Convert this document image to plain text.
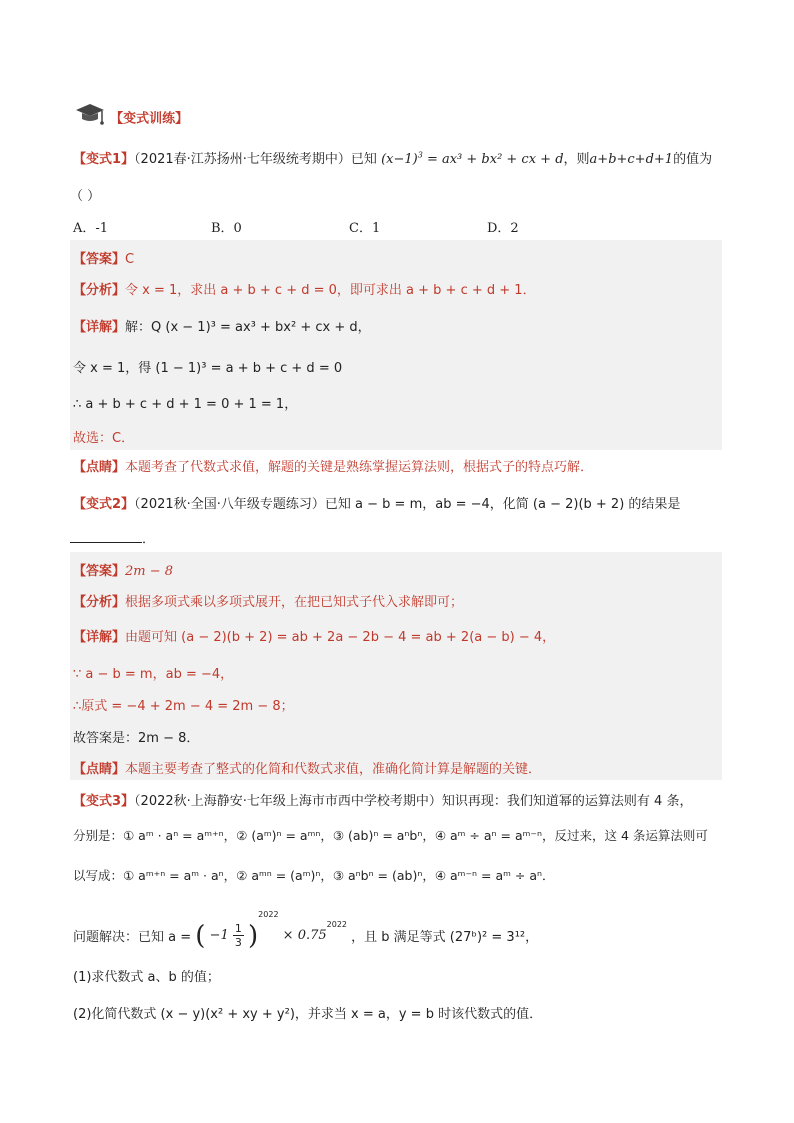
【变式训练】
【变式1】（2021春·江苏扬州·七年级统考期中）已知 $(x-1)^3 = ax^3 + bx^2$ + cx + d，则a+b+c+d+1的值为
（ ）
A．-1	B．0	C．1	D．2
【答案】C
【分析】令 x = 1，求出 a + b + c + d = 0，即可求出 a + b + c + d + 1．
【详解】解：Q (x − 1)³ = ax³ + bx² + cx + d，
令 x = 1，得 (1 − 1)³ = a + b + c + d = 0
∴ a + b + c + d + 1 = 0 + 1 = 1，
故选：C．
【点睛】本题考查了代数式求值，解题的关键是熟练掌握运算法则，根据式子的特点巧解．
【变式2】（2021秋·全国·八年级专题练习）已知 a − b = m，ab = −4，化简 (a − 2)(b + 2) 的结果是
．
【答案】2m − 8
【分析】根据多项式乘以多项式展开，在把已知式子代入求解即可；
【详解】由题可知 (a − 2)(b + 2) = ab + 2a − 2b − 4 = ab + 2(a − b) − 4，
∵ a − b = m，ab = −4，
∴原式 = −4 + 2m − 4 = 2m − 8；
故答案是：2m − 8．
【点睛】本题主要考查了整式的化简和代数式求值，准确化简计算是解题的关键．
【变式3】（2022秋·上海静安·七年级上海市市西中学校考期中）知识再现：我们知道幂的运算法则有 4 条，
分别是：① aᵐ · aⁿ = aᵐ⁺ⁿ，② (aᵐ)ⁿ = aᵐⁿ，③ (ab)ⁿ = aⁿbⁿ，④ aᵐ ÷ aⁿ = aᵐ⁻ⁿ，反过来，这 4 条运算法则可
以写成：① aᵐ⁺ⁿ = aᵐ · aⁿ，② aᵐⁿ = (aᵐ)ⁿ，③ aⁿbⁿ = (ab)ⁿ，④ aᵐ⁻ⁿ = aᵐ ÷ aⁿ．
问题解决：已知 a = ( $-1 \frac{1}{3} )^{2022} \times 0.75^{2022}$ ，且 b 满足等式 (27ᵇ)² = 3¹²，
(1)求代数式 a、b 的值；
(2)化简代数式 (x − y)(x² + xy + y²)，并求当 x = a，y = b 时该代数式的值．
